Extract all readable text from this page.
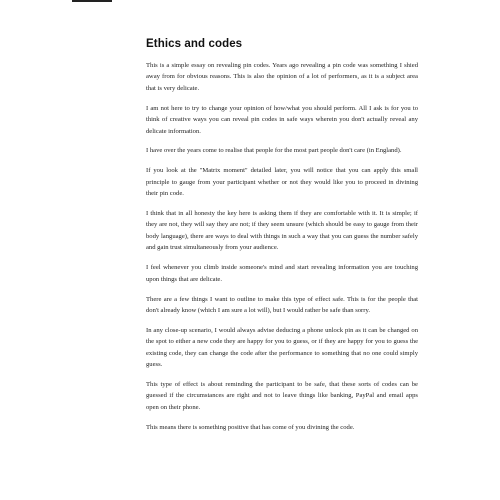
Ethics and codes

This is a simple essay on revealing pin codes. Years ago revealing a pin code was something I shied away from for obvious reasons. This is also the opinion of a lot of performers, as it is a subject area that is very delicate.

I am not here to try to change your opinion of how/what you should perform. All I ask is for you to think of creative ways you can reveal pin codes in safe ways wherein you don't actually reveal any delicate information.

I have over the years come to realise that people for the most part people don't care (in England).

If you look at the "Matrix moment" detailed later, you will notice that you can apply this small principle to gauge from your participant whether or not they would like you to proceed in divining their pin code.

I think that in all honesty the key here is asking them if they are comfortable with it. It is simple; if they are not, they will say they are not; if they seem unsure (which should be easy to gauge from their body language), there are ways to deal with things in such a way that you can guess the number safely and gain trust simultaneously from your audience.

I feel whenever you climb inside someone's mind and start revealing information you are touching upon things that are delicate.

There are a few things I want to outline to make this type of effect safe. This is for the people that don't already know (which I am sure a lot will), but I would rather be safe than sorry.

In any close-up scenario, I would always advise deducing a phone unlock pin as it can be changed on the spot to either a new code they are happy for you to guess, or if they are happy for you to guess the existing code, they can change the code after the performance to something that no one could simply guess.

This type of effect is about reminding the participant to be safe, that these sorts of codes can be guessed if the circumstances are right and not to leave things like banking, PayPal and email apps open on their phone.

This means there is something positive that has come of you divining the code.
